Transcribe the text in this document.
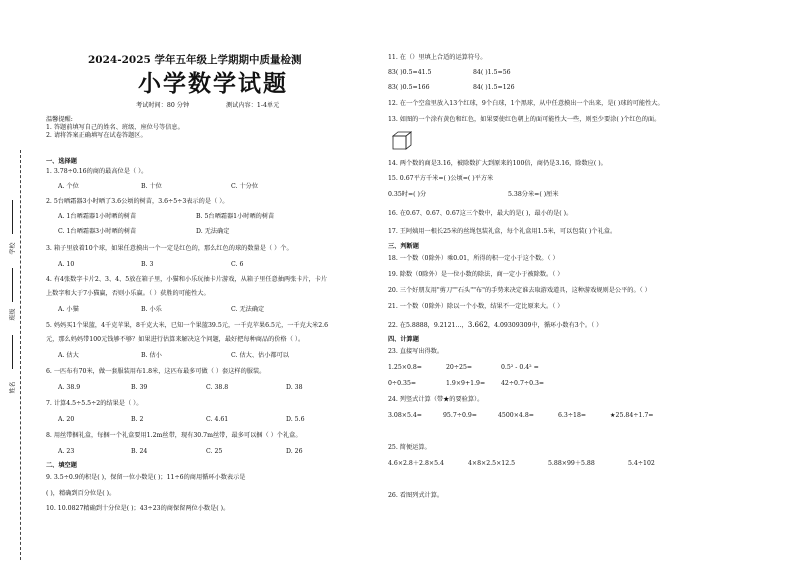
学校
班级
姓名
2024-2025 学年五年级上学期期中质量检测
小学数学试题
考试时间：80 分钟	测试内容：1-4单元
温馨提醒:
1. 答题前填写自己的姓名、班级、座位号等信息。
2. 请将答案正确填写在试卷答题区。
一、选择题
1. 3.78÷0.16的商的最高位是（ ）。
A. 个位	B. 十位	C. 十分位
2. 5台晒霜器3小时晒了3.6公顷的树苗，3.6÷5÷3表示的是（ ）。
A. 1台晒霜器1小时晒的树苗	B. 5台晒霜器1小时晒的树苗
C. 1台晒霜器3小时晒的树苗	D. 无法确定
3. 箱子里放着10个球，如果任意摸出一个一定是红色的，那么红色的球的数量是（ ）个。
A. 10	B. 3	C. 6
4. 有4张数字卡片2、3、4、5放在箱子里，小猫和小乐玩抽卡片游戏，从箱子里任意抽两张卡片，卡片
上数字和大于7小猫赢，否则小乐赢。（ ）获胜的可能性大。
A. 小猫	B. 小乐	C. 无法确定
5. 妈妈买1个果篮，4千克苹果，8千克大米，已知一个果篮39.5元，一千克苹果6.5元，一千克大米2.6
元，那么妈妈带100元钱够不够？如果进行估算来解决这个问题，最好把每种商品的价格（ ）。
A. 估大	B. 估小	C. 估大、估小都可以
6. 一匹布有70米，做一套服装用布1.8米，这匹布最多可做（ ）套这样的服装。
A. 38.9	B. 39	C. 38.8	D. 38
7. 计算4.5÷5.5÷2的结果是（ ）。
A. 20	B. 2	C. 4.61	D. 5.6
8. 用丝带捆礼盒，每捆一个礼盒要用1.2m丝带，现有30.7m丝带，最多可以捆（ ）个礼盒。
A. 23	B. 24	C. 25	D. 26
二、填空题
9. 3.5÷0.9的积是( )，保留一位小数是( )；11÷6的商用循环小数表示是
( )，精确到百分位是( )。
10. 10.0827精确到十分位是( )；43÷23的商保留两位小数是( )。
11. 在（）里填上合适的运算符号。
83( )0.5=41.5	84( )1.5=56
83( )0.5=166	84( )1.5=126
12. 在一个空盒里放入13个红球，9个白球，1个黑球，从中任意摸出一个出来，是( )球的可能性大。
13. 如图的一个涂有黄色和红色，如果要使红色朝上的面可能性大一些，则至少要涂( )个红色的面。
14. 两个数的商是3.16，被除数扩大到原来的100倍，商仍是3.16，除数应( )。
15. 0.67平方千米=( )公顷=( )平方米
0.35时=( )分	5.38分米=( )厘米
16. 在0.67、0.67、0.67这三个数中，最大的是( )，最小的是( )。
17. 王阿姨用一根长25米的丝绳包装礼盒，每个礼盒用1.5米，可以包装( )个礼盒。
三、判断题
18. 一个数（0除外）乘0.01，所得的积一定小于这个数。（ ）
19. 除数（0除外）是一位小数的除法，商一定小于被除数。（ ）
20. 三个好朋友用"剪刀""石头""布"的手势来决定谁去取游戏道具，这种游戏规则是公平的。（ ）
21. 一个数（0除外）除以一个小数，结果不一定比原来大。（ ）
22. 在5.8888，9.2121…，3.662，4.09309309中，循环小数有3个。（ ）
四、计算题
23. 直接写出得数。
1.25×0.8=	20÷25=	0.5² - 0.4² =
0÷0.35=	1.9×9+1.9=	42÷0.7÷0.3=
24. 列竖式计算（带★的要验算）。
3.08×5.4=	95.7÷0.9=	4500×4.8=	6.3÷18=	★25.84÷1.7=
25. 简便运算。
4.6×2.8＋2.8×5.4	4×8×2.5×12.5	5.88×99＋5.88	5.4÷102
26. 看图列式计算。
